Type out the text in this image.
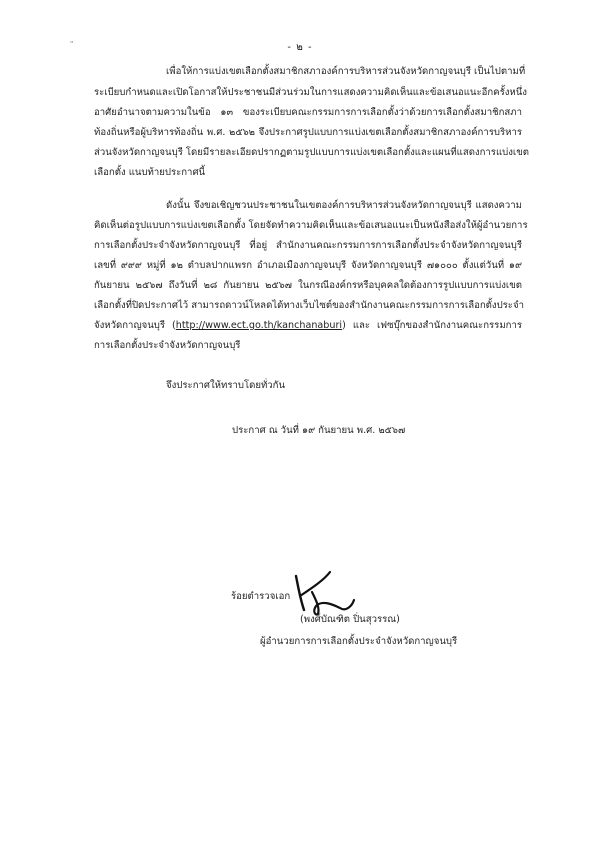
"	- ๒ -
เพื่อให้การแบ่งเขตเลือกตั้งสมาชิกสภาองค์การบริหารส่วนจังหวัดกาญจนบุรี เป็นไปตามที่
ระเบียบกำหนดและเปิดโอกาสให้ประชาชนมีส่วนร่วมในการแสดงความคิดเห็นและข้อเสนอแนะอีกครั้งหนึ่ง
อาศัยอำนาจตามความในข้อ ๑๓ ของระเบียบคณะกรรมการการเลือกตั้งว่าด้วยการเลือกตั้งสมาชิกสภา
ท้องถิ่นหรือผู้บริหารท้องถิ่น พ.ศ. ๒๕๖๒ จึงประกาศรูปแบบการแบ่งเขตเลือกตั้งสมาชิกสภาองค์การบริหาร
ส่วนจังหวัดกาญจนบุรี โดยมีรายละเอียดปรากฏตามรูปแบบการแบ่งเขตเลือกตั้งและแผนที่แสดงการแบ่งเขต
เลือกตั้ง แนบท้ายประกาศนี้
ดังนั้น จึงขอเชิญชวนประชาชนในเขตองค์การบริหารส่วนจังหวัดกาญจนบุรี แสดงความ
คิดเห็นต่อรูปแบบการแบ่งเขตเลือกตั้ง โดยจัดทำความคิดเห็นและข้อเสนอแนะเป็นหนังสือส่งให้ผู้อำนวยการ
การเลือกตั้งประจำจังหวัดกาญจนบุรี ที่อยู่ สำนักงานคณะกรรมการการเลือกตั้งประจำจังหวัดกาญจนบุรี
เลขที่ ๙๙๙ หมู่ที่ ๑๒ ตำบลปากแพรก อำเภอเมืองกาญจนบุรี จังหวัดกาญจนบุรี ๗๑๐๐๐ ตั้งแต่วันที่ ๑๙
กันยายน ๒๕๖๗ ถึงวันที่ ๒๘ กันยายน ๒๕๖๗ ในกรณีองค์กรหรือบุคคลใดต้องการรูปแบบการแบ่งเขต
เลือกตั้งที่ปิดประกาศไว้ สามารถดาวน์โหลดได้ทางเว็บไซต์ของสำนักงานคณะกรรมการการเลือกตั้งประจำ
จังหวัดกาญจนบุรี (http://www.ect.go.th/kanchanaburi) และ เฟซบุ๊กของสำนักงานคณะกรรมการ
การเลือกตั้งประจำจังหวัดกาญจนบุรี
จึงประกาศให้ทราบโดยทั่วกัน
ประกาศ ณ วันที่ ๑๙ กันยายน พ.ศ. ๒๕๖๗
ร้อยตำรวจเอก
(พงศ์บัณฑิต ปิ่นสุวรรณ)
ผู้อำนวยการการเลือกตั้งประจำจังหวัดกาญจนบุรี
